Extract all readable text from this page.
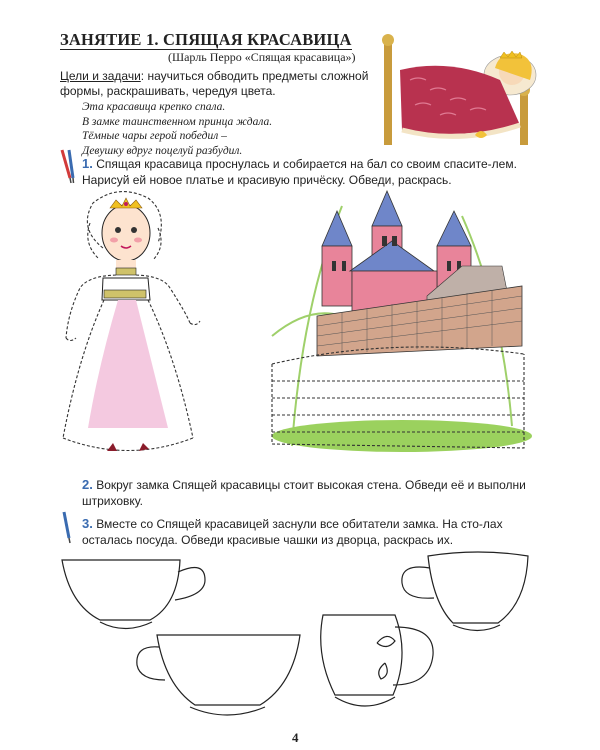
ЗАНЯТИЕ 1. СПЯЩАЯ КРАСАВИЦА
(Шарль Перро «Спящая красавица»)
Цели и задачи: научиться обводить предметы сложной формы, раскрашивать, чередуя цвета.
Эта красавица крепко спала.
В замке таинственном принца ждала.
Тёмные чары герой победил –
Девушку вдруг поцелуй разбудил.
1. Спящая красавица проснулась и собирается на бал со своим спасите-лем. Нарисуй ей новое платье и красивую причёску. Обведи, раскрась.
2. Вокруг замка Спящей красавицы стоит высокая стена. Обведи её и выполни штриховку.
3. Вместе со Спящей красавицей заснули все обитатели замка. На сто-лах осталась посуда. Обведи красивые чашки из дворца, раскрась их.
4
